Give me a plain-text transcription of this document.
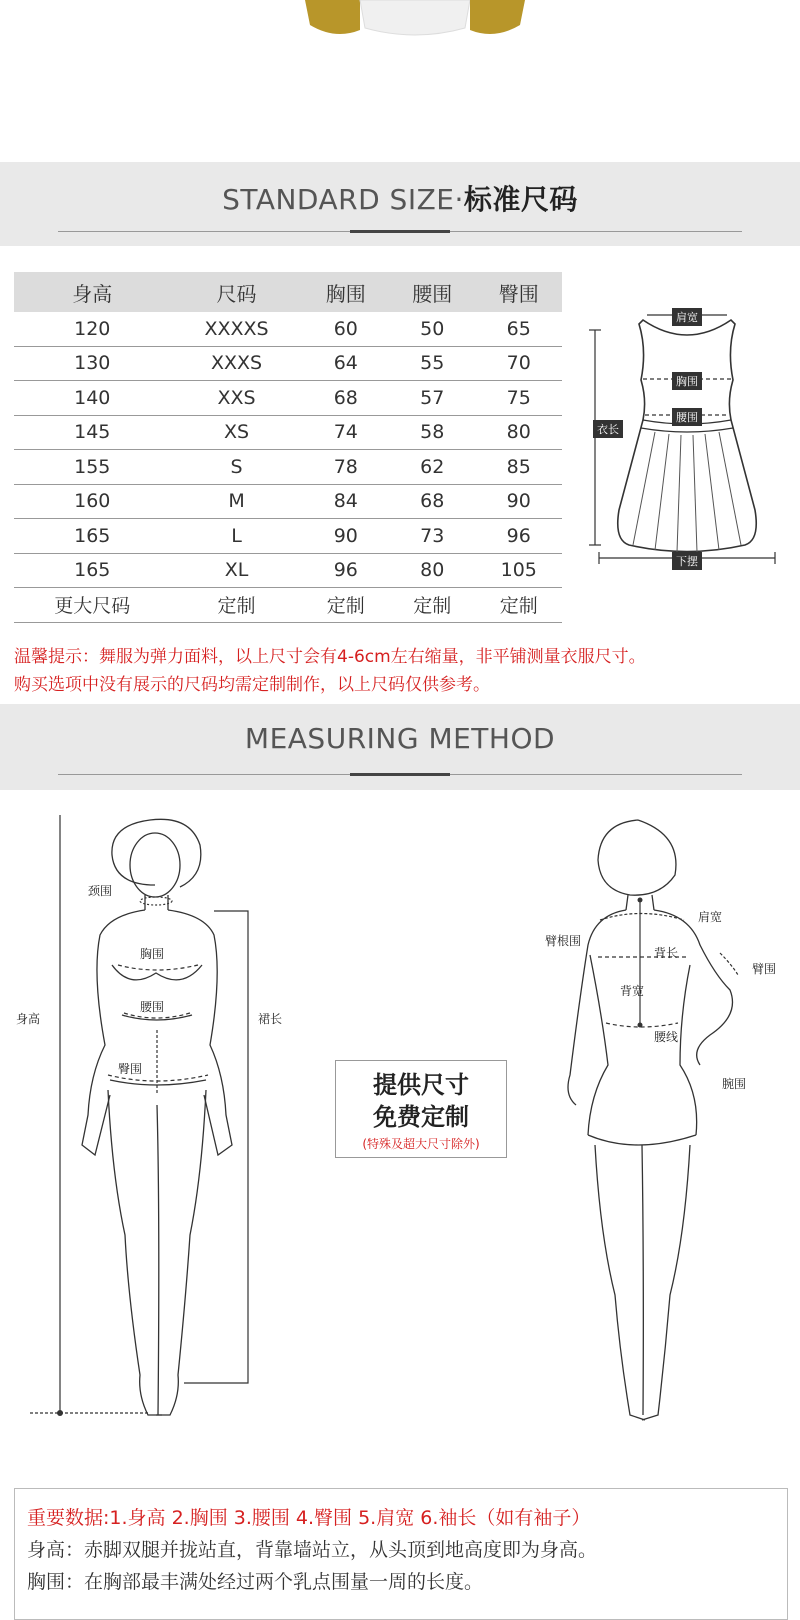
STANDARD SIZE·标准尺码
身高	尺码	胸围	腰围	臀围
120	XXXXS	60	50	65
130	XXXS	64	55	70
140	XXS	68	57	75
145	XS	74	58	80
155	S	78	62	85
160	M	84	68	90
165	L	90	73	96
165	XL	96	80	105
更大尺码	定制	定制	定制	定制
肩宽
胸围
腰围
衣长
下摆
温馨提示：舞服为弹力面料，以上尺寸会有4-6cm左右缩量，非平铺测量衣服尺寸。
购买选项中没有展示的尺码均需定制制作，以上尺码仅供参考。
MEASURING METHOD
颈围
胸围
腰围
臀围
身高	裙长
提供尺寸
免费定制
(特殊及超大尺寸除外)
肩宽
臂根围
背长
臂围
背宽
腰线
腕围
重要数据:1.身高 2.胸围 3.腰围 4.臀围 5.肩宽 6.袖长（如有袖子）
身高：赤脚双腿并拢站直，背靠墙站立，从头顶到地高度即为身高。
胸围：在胸部最丰满处经过两个乳点围量一周的长度。
